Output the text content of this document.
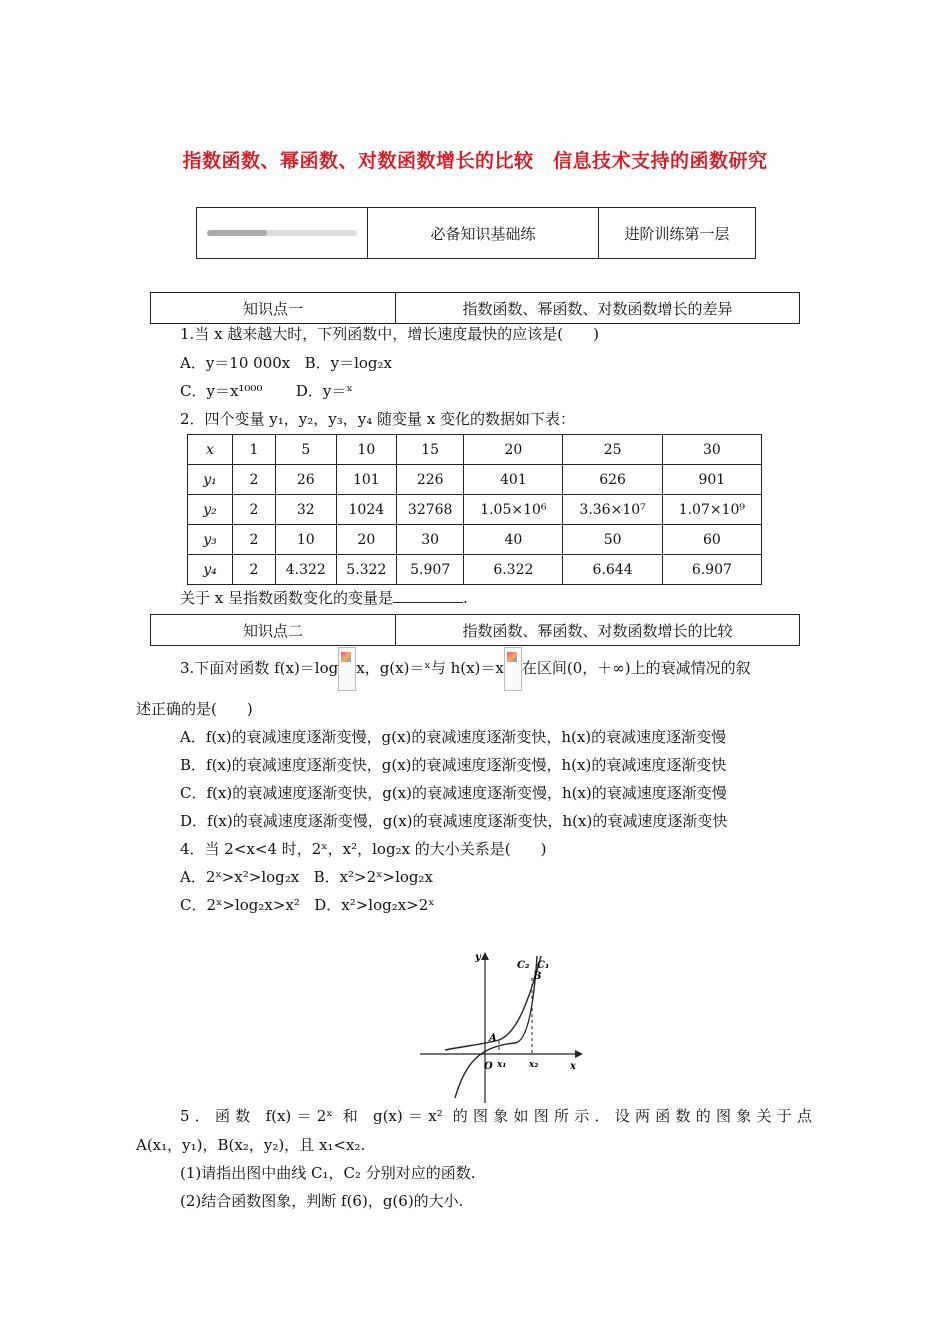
指数函数、幂函数、对数函数增长的比较　信息技术支持的函数研究
必备知识基础练	进阶训练第一层
知识点一	指数函数、幂函数、对数函数增长的差异
1.当 x 越来越大时，下列函数中，增长速度最快的应该是(　　)
A．y＝10 000x B．y＝log₂x
C．y＝x¹⁰⁰⁰ D．y＝ˣ
2．四个变量 y₁，y₂，y₃，y₄ 随变量 x 变化的数据如下表：
x	1	5	10	15	20	25	30
y₁	2	26	101	226	401	626	901
y₂	2	32	1024	32768	1.05×10⁶	3.36×10⁷	1.07×10⁹
y₃	2	10	20	30	40	50	60
y₄	2	4.322	5.322	5.907	6.322	6.644	6.907
关于 x 呈指数函数变化的变量是	.
知识点二	指数函数、幂函数、对数函数增长的比较
3.下面对函数 f(x)＝log x，g(x)＝ˣ与 h(x)＝x 在区间(0，＋∞)上的衰减情况的叙
述正确的是(　　)
A．f(x)的衰减速度逐渐变慢，g(x)的衰减速度逐渐变快，h(x)的衰减速度逐渐变慢
B．f(x)的衰减速度逐渐变快，g(x)的衰减速度逐渐变慢，h(x)的衰减速度逐渐变快
C．f(x)的衰减速度逐渐变快，g(x)的衰减速度逐渐变慢，h(x)的衰减速度逐渐变慢
D．f(x)的衰减速度逐渐变慢，g(x)的衰减速度逐渐变快，h(x)的衰减速度逐渐变快
4．当 2<x<4 时，2ˣ，x²，log₂x 的大小关系是(　　)
A．2ˣ>x²>log₂x B．x²>2ˣ>log₂x
C．2ˣ>log₂x>x² D．x²>log₂x>2ˣ
y
x
O
C₂ C₁
B
A
x₁	x₂
5．函数 f(x)＝2ˣ 和 g(x)＝x² 的图象如图所示．设两函数的图象关于点
A(x₁，y₁)，B(x₂，y₂)，且 x₁<x₂.
(1)请指出图中曲线 C₁，C₂ 分别对应的函数.
(2)结合函数图象，判断 f(6)，g(6)的大小.
